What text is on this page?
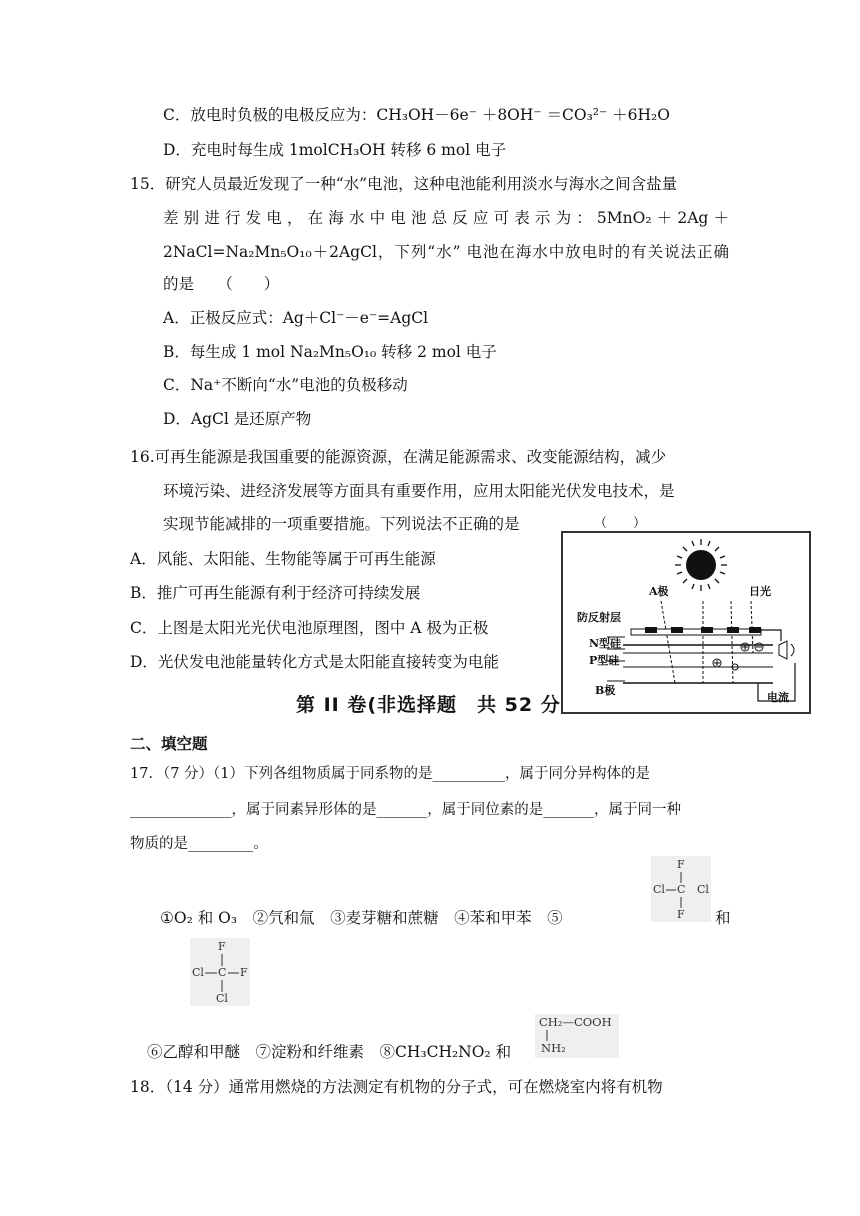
C．放电时负极的电极反应为：CH₃OH－6e⁻ ＋8OH⁻ ＝CO₃²⁻ ＋6H₂O
D．充电时每生成 1molCH₃OH 转移 6 mol 电子
15．研究人员最近发现了一种“水”电池，这种电池能利用淡水与海水之间含盐量
差别进行发电，在海水中电池总反应可表示为：5MnO₂＋2Ag＋
2NaCl=Na₂Mn₅O₁₀＋2AgCl，下列“水” 电池在海水中放电时的有关说法正确
的是　　（　　）
A．正极反应式：Ag＋Cl⁻－e⁻=AgCl
B．每生成 1 mol Na₂Mn₅O₁₀ 转移 2 mol 电子
C．Na⁺不断向“水”电池的负极移动
D．AgCl 是还原产物
16.可再生能源是我国重要的能源资源，在满足能源需求、改变能源结构，减少
环境污染、进经济发展等方面具有重要作用，应用太阳能光伏发电技术，是
实现节能减排的一项重要措施。下列说法不正确的是	（　　）
A．风能、太阳能、生物能等属于可再生能源
B．推广可再生能源有利于经济可持续发展
C．上图是太阳光光伏电池原理图，图中 A 极为正极
D．光伏发电池能量转化方式是太阳能直接转变为电能
A极	日光
防反射层
N型硅
P型硅
B极
电流
第 II 卷(非选择题　共 52 分
二、填空题
17．（7 分）（1）下列各组物质属于同系物的是__________，属于同分异构体的是
______________，属于同素异形体的是_______，属于同位素的是_______，属于同一种
物质的是_________。
①O₂ 和 O₃　②氕和氚　③麦芽糖和蔗糖　④苯和甲苯　⑤	和
F
Cl C Cl
F
F
Cl C F
Cl
⑥乙醇和甲醚　⑦淀粉和纤维素　⑧CH₃CH₂NO₂ 和
CH₂—COOH
NH₂
18．（14 分）通常用燃烧的方法测定有机物的分子式，可在燃烧室内将有机物
